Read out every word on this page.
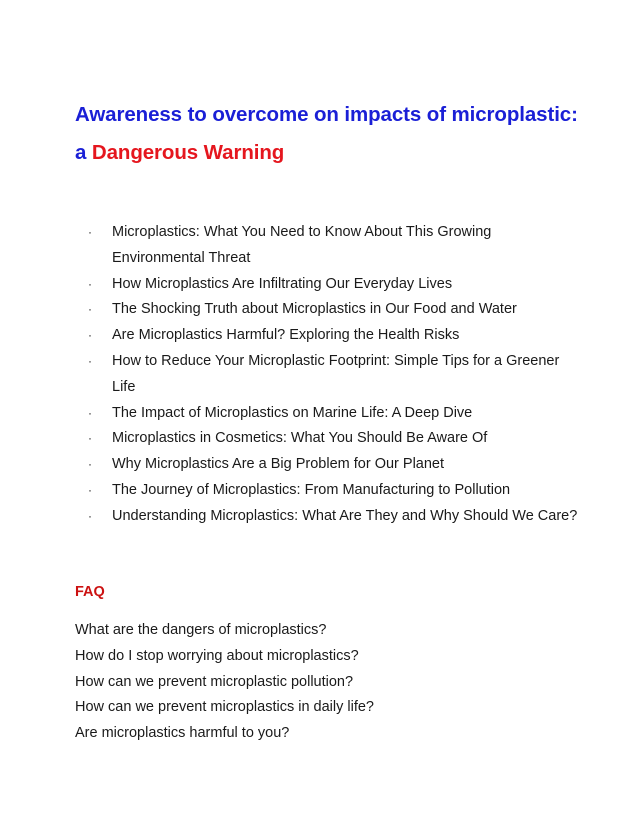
Awareness to overcome on impacts of microplastic:
a Dangerous Warning
·	Microplastics: What You Need to Know About This Growing Environmental Threat
·	How Microplastics Are Infiltrating Our Everyday Lives
·	The Shocking Truth about Microplastics in Our Food and Water
·	Are Microplastics Harmful? Exploring the Health Risks
·	How to Reduce Your Microplastic Footprint: Simple Tips for a Greener Life
·	The Impact of Microplastics on Marine Life: A Deep Dive
·	Microplastics in Cosmetics: What You Should Be Aware Of
·	Why Microplastics Are a Big Problem for Our Planet
·	The Journey of Microplastics: From Manufacturing to Pollution
·	Understanding Microplastics: What Are They and Why Should We Care?
FAQ
What are the dangers of microplastics?
How do I stop worrying about microplastics?
How can we prevent microplastic pollution?
How can we prevent microplastics in daily life?
Are microplastics harmful to you?
